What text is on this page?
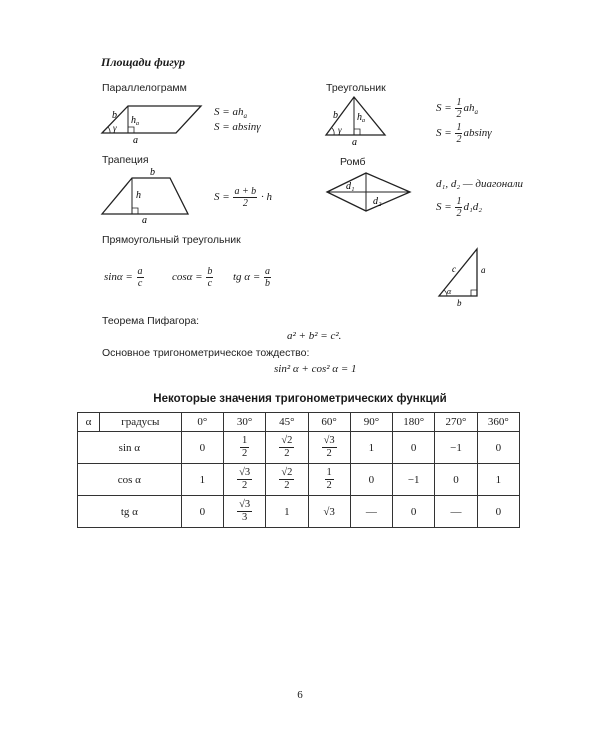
Площади фигур
Параллелограмм
b h a
γ
a
$S = ah_a$
S = absinγ
Треугольник
b h a
γ
a
$S = \frac{1}{2} ah_a$
$S = \frac{1}{2}$ absinγ
Трапеция
b
h
a
$S = \frac{a + b}{2} \cdot h$
Ромб
d₁
d₂
d₁, d₂ — диагонали
$S = \frac{1}{2} d_1d_2$
Прямоугольный треугольник
$\sin\alpha = \frac{a}{c}$	$\cos\alpha = \frac{b}{c}$ tg $\alpha = \frac{a}{b}$	c	a
α
b
Теорема Пифагора:
a² + b² = c².
Основное тригонометрическое тождество:
sin² α + cos² α = 1
Некоторые значения тригонометрических функций
α	градусы	0°	30°	45°	60°	90°	180°	270°	360°
sin α		0	$\frac{1}{2}$	$\frac{√2}{2}$	$\frac{√3}{2}$	1	0	−1	0
cos α		1	$\frac{√3}{2}$	$\frac{√2}{2}$	$\frac{1}{2}$	0	−1	0	1
tg α		0	$\frac{√3}{3}$	1	√3	—	0	—	0
6
